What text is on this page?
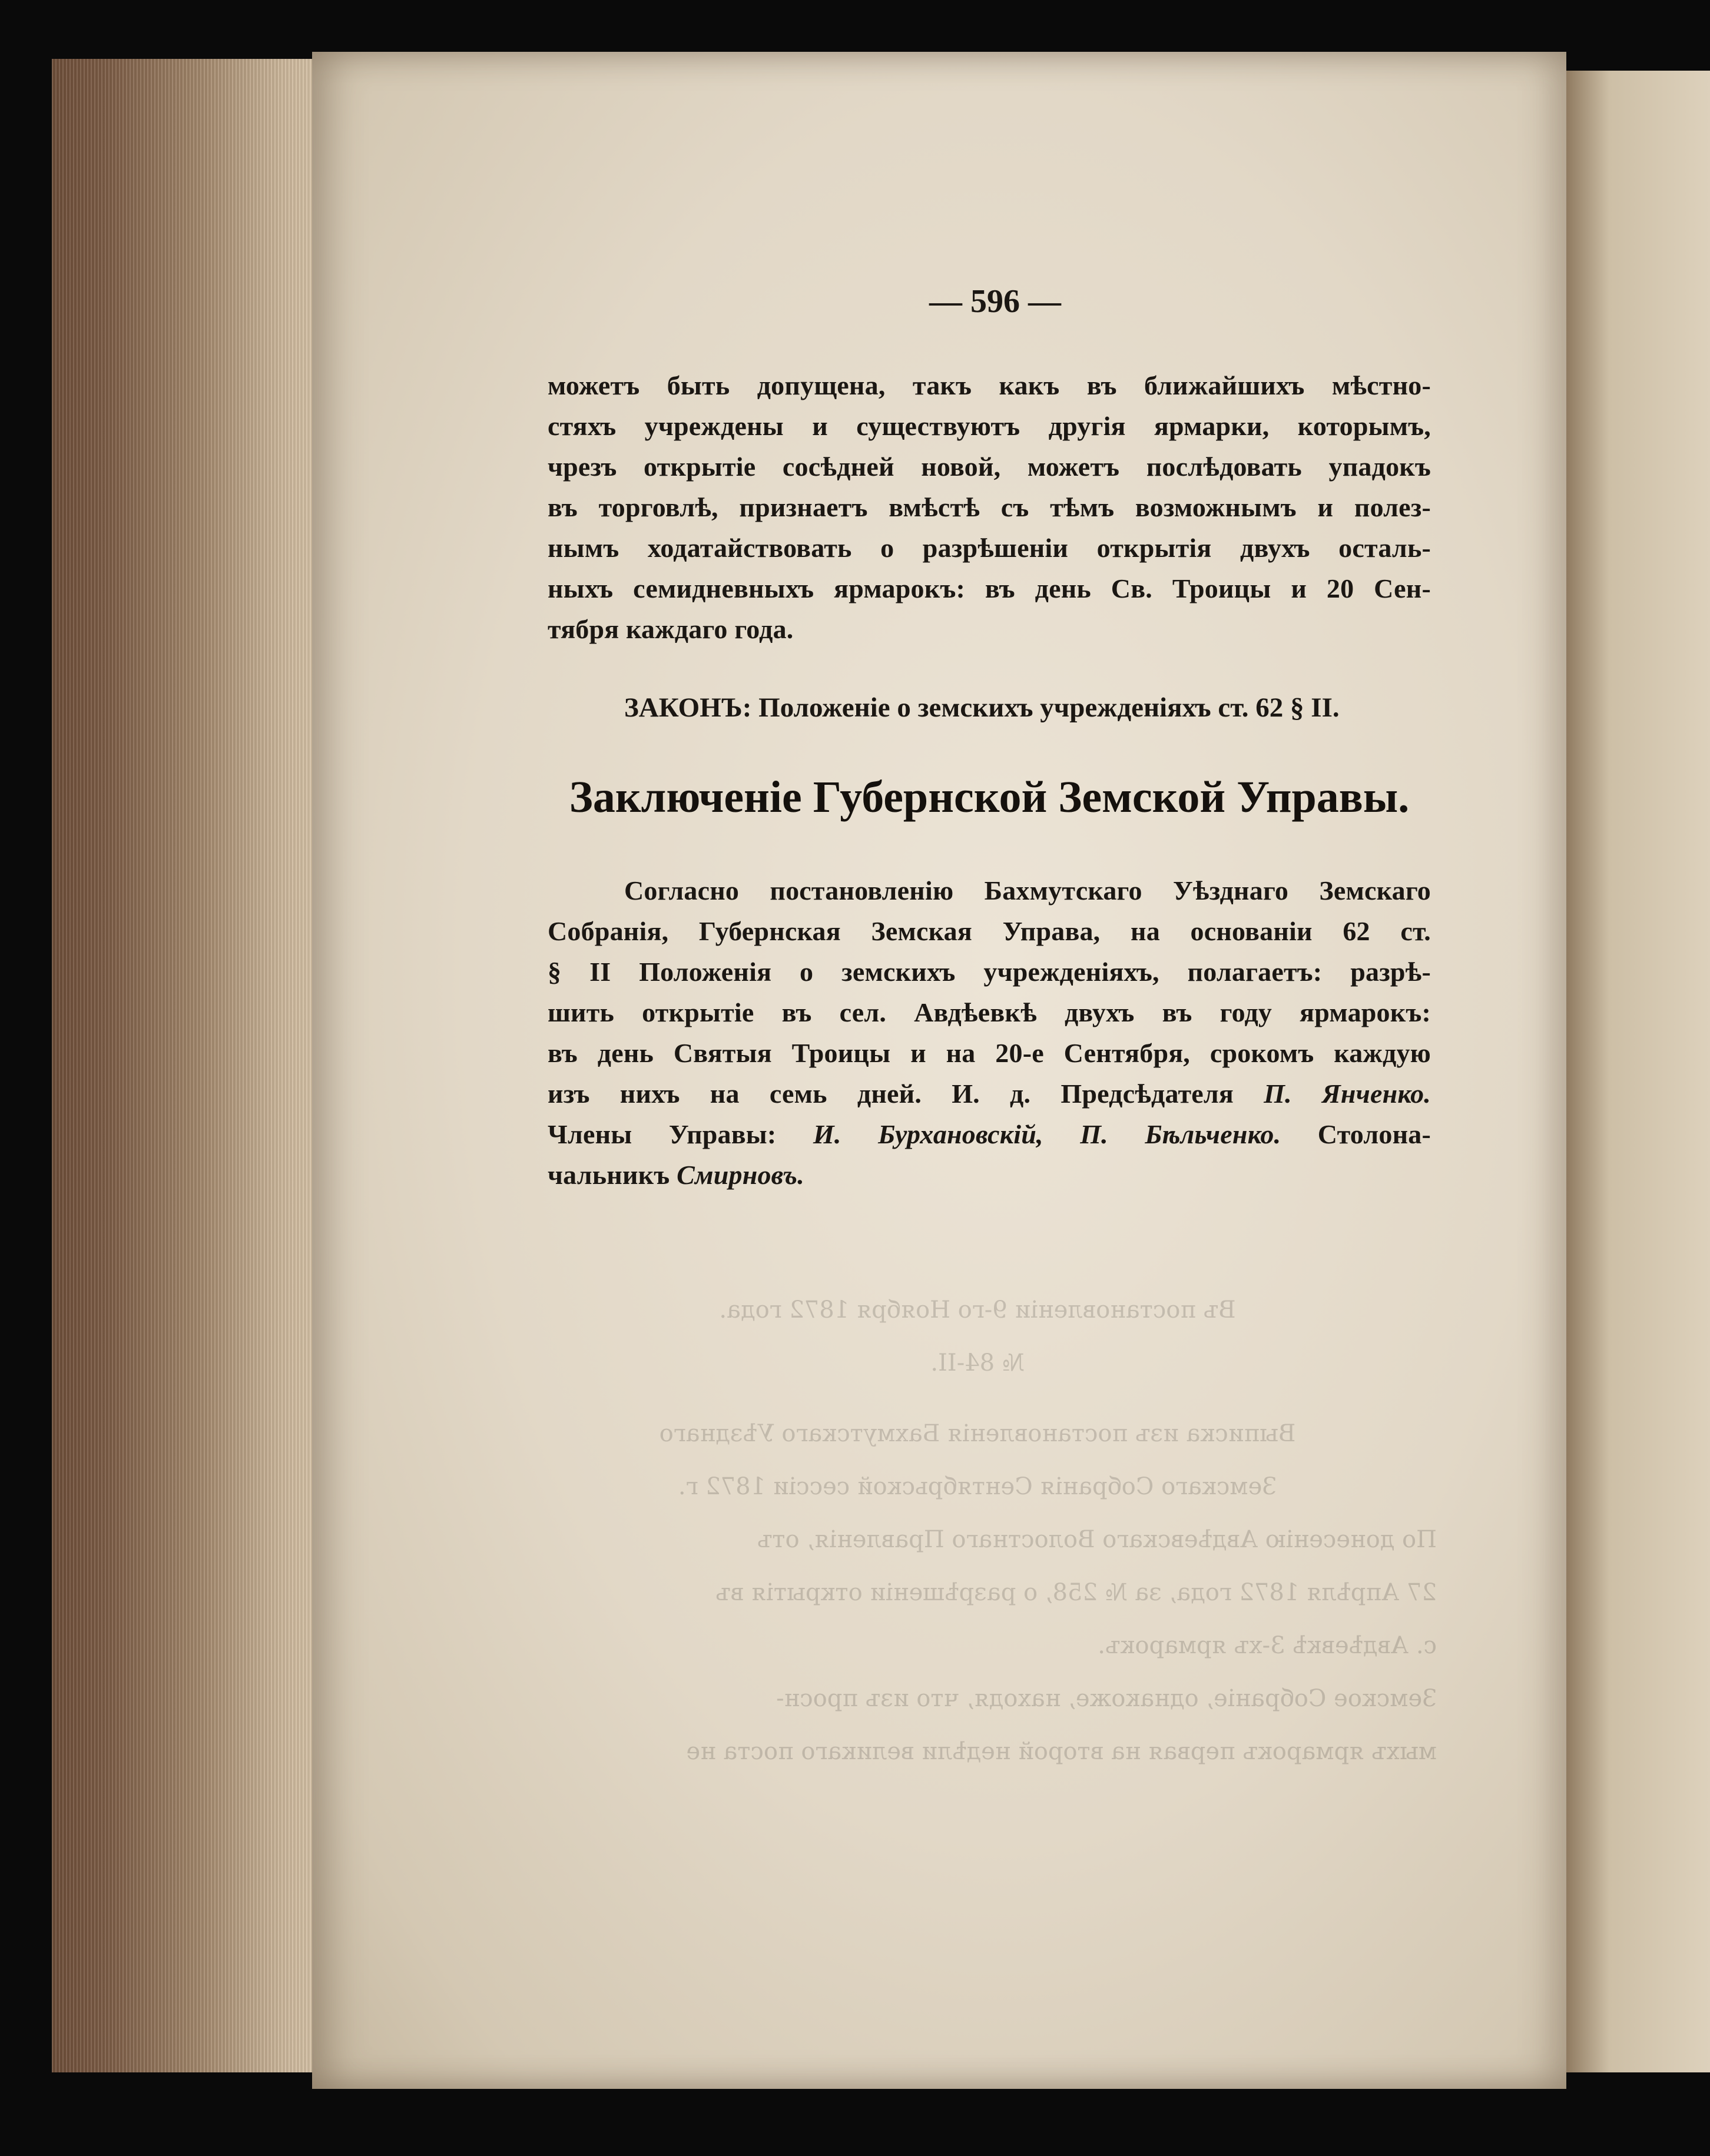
Въ постановленіи 9-го Ноября 1872 года.
№ 84-II.
Выписка изъ постановленія Бахмутскаго Уѣзднаго
Земскаго Собранія Сентябрьской сессіи 1872 г.
По донесенію Авдѣевскаго Волостнаго Правленія, отъ
27 Апрѣля 1872 года, за № 258, о разрѣшеніи открытія въ
с. Авдѣевкѣ 3-хъ ярмарокъ.
Земское Собраніе, однакоже, находя, что изъ просн-
мыхъ ярмарокъ первая на второй недѣли великаго поста не
— 596 —
можетъ быть допущена, такъ какъ въ ближайшихъ мѣстно-
стяхъ учреждены и существуютъ другія ярмарки, которымъ,
чрезъ открытіе сосѣдней новой, можетъ послѣдовать упадокъ
въ торговлѣ, признаетъ вмѣстѣ съ тѣмъ возможнымъ и полез-
нымъ ходатайствовать о разрѣшеніи открытія двухъ осталь-
ныхъ семидневныхъ ярмарокъ: въ день Св. Троицы и 20 Сен-
тября каждаго года.
ЗАКОНЪ: Положеніе о земскихъ учрежденіяхъ ст. 62 § II.
Заключеніе Губернской Земской Управы.
Согласно постановленію Бахмутскаго Уѣзднаго Земскаго
Собранія, Губернская Земская Управа, на основаніи 62 ст.
§ II Положенія о земскихъ учрежденіяхъ, полагаетъ: разрѣ-
шить открытіе въ сел. Авдѣевкѣ двухъ въ году ярмарокъ:
въ день Святыя Троицы и на 20-е Сентября, срокомъ каждую
изъ нихъ на семь дней. И. д. Предсѣдателя П. Янченко.
Члены Управы: И. Бурхановскій, П. Бѣльченко. Столона-
чальникъ Смирновъ.
